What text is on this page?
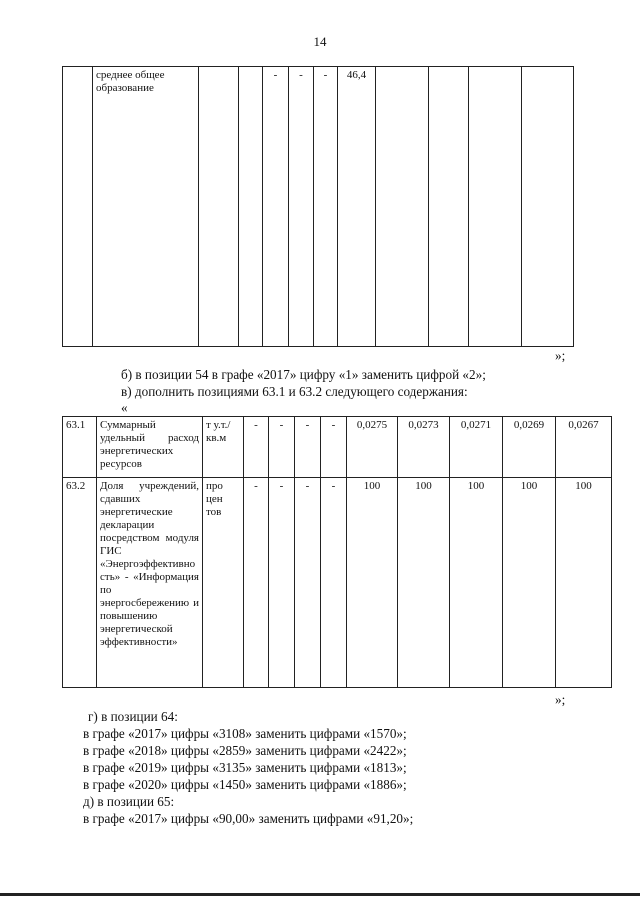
14
	среднее общее образование			-	-	-	46,4				
»;
б) в позиции 54 в графе «2017» цифру «1» заменить цифрой «2»;
в) дополнить позициями 63.1 и 63.2 следующего содержания:
«
63.1	Суммарный удельный расход энергетических ресурсов	т у.т./ кв.м	-	-	-	-	0,0275	0,0273	0,0271	0,0269	0,0267
63.2	Доля учреждений, сдавших энергетические декларации посредством модуля ГИС «Энергоэффективность» - «Информация по энергосбережению и повышению энергетической эффективности»	про цен тов	-	-	-	-	100	100	100	100	100
»;
г) в позиции 64:
в графе «2017» цифры «3108» заменить цифрами «1570»;
в графе «2018» цифры «2859» заменить цифрами «2422»;
в графе «2019» цифры «3135» заменить цифрами «1813»;
в графе «2020» цифры «1450» заменить цифрами «1886»;
д) в позиции 65:
в графе «2017» цифры «90,00» заменить цифрами «91,20»;
